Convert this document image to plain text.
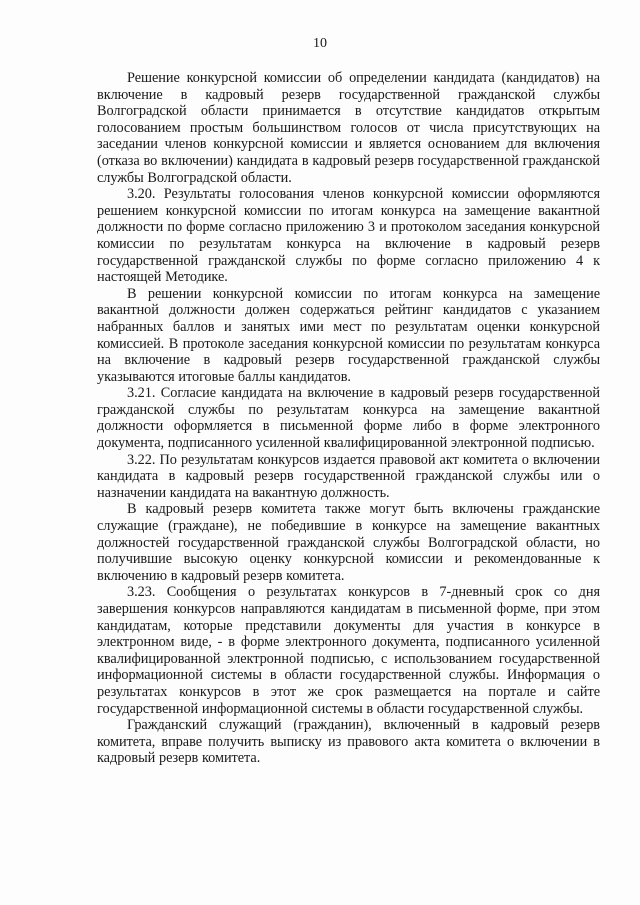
10

Решение конкурсной комиссии об определении кандидата (кандидатов) на включение в кадровый резерв государственной гражданской службы Волгоградской области принимается в отсутствие кандидатов открытым голосованием простым большинством голосов от числа присутствующих на заседании членов конкурсной комиссии и является основанием для включения (отказа во включении) кандидата в кадровый резерв государственной гражданской службы Волгоградской области.

3.20. Результаты голосования членов конкурсной комиссии оформляются решением конкурсной комиссии по итогам конкурса на замещение вакантной должности по форме согласно приложению 3 и протоколом заседания конкурсной комиссии по результатам конкурса на включение в кадровый резерв государственной гражданской службы по форме согласно приложению 4 к настоящей Методике.

В решении конкурсной комиссии по итогам конкурса на замещение вакантной должности должен содержаться рейтинг кандидатов с указанием набранных баллов и занятых ими мест по результатам оценки конкурсной комиссией. В протоколе заседания конкурсной комиссии по результатам конкурса на включение в кадровый резерв государственной гражданской службы указываются итоговые баллы кандидатов.

3.21. Согласие кандидата на включение в кадровый резерв государственной гражданской службы по результатам конкурса на замещение вакантной должности оформляется в письменной форме либо в форме электронного документа, подписанного усиленной квалифицированной электронной подписью.

3.22. По результатам конкурсов издается правовой акт комитета о включении кандидата в кадровый резерв государственной гражданской службы или о назначении кандидата на вакантную должность.

В кадровый резерв комитета также могут быть включены гражданские служащие (граждане), не победившие в конкурсе на замещение вакантных должностей государственной гражданской службы Волгоградской области, но получившие высокую оценку конкурсной комиссии и рекомендованные к включению в кадровый резерв комитета.

3.23. Сообщения о результатах конкурсов в 7-дневный срок со дня завершения конкурсов направляются кандидатам в письменной форме, при этом кандидатам, которые представили документы для участия в конкурсе в электронном виде, - в форме электронного документа, подписанного усиленной квалифицированной электронной подписью, с использованием государственной информационной системы в области государственной службы. Информация о результатах конкурсов в этот же срок размещается на портале и сайте государственной информационной системы в области государственной службы.

Гражданский служащий (гражданин), включенный в кадровый резерв комитета, вправе получить выписку из правового акта комитета о включении в кадровый резерв комитета.
